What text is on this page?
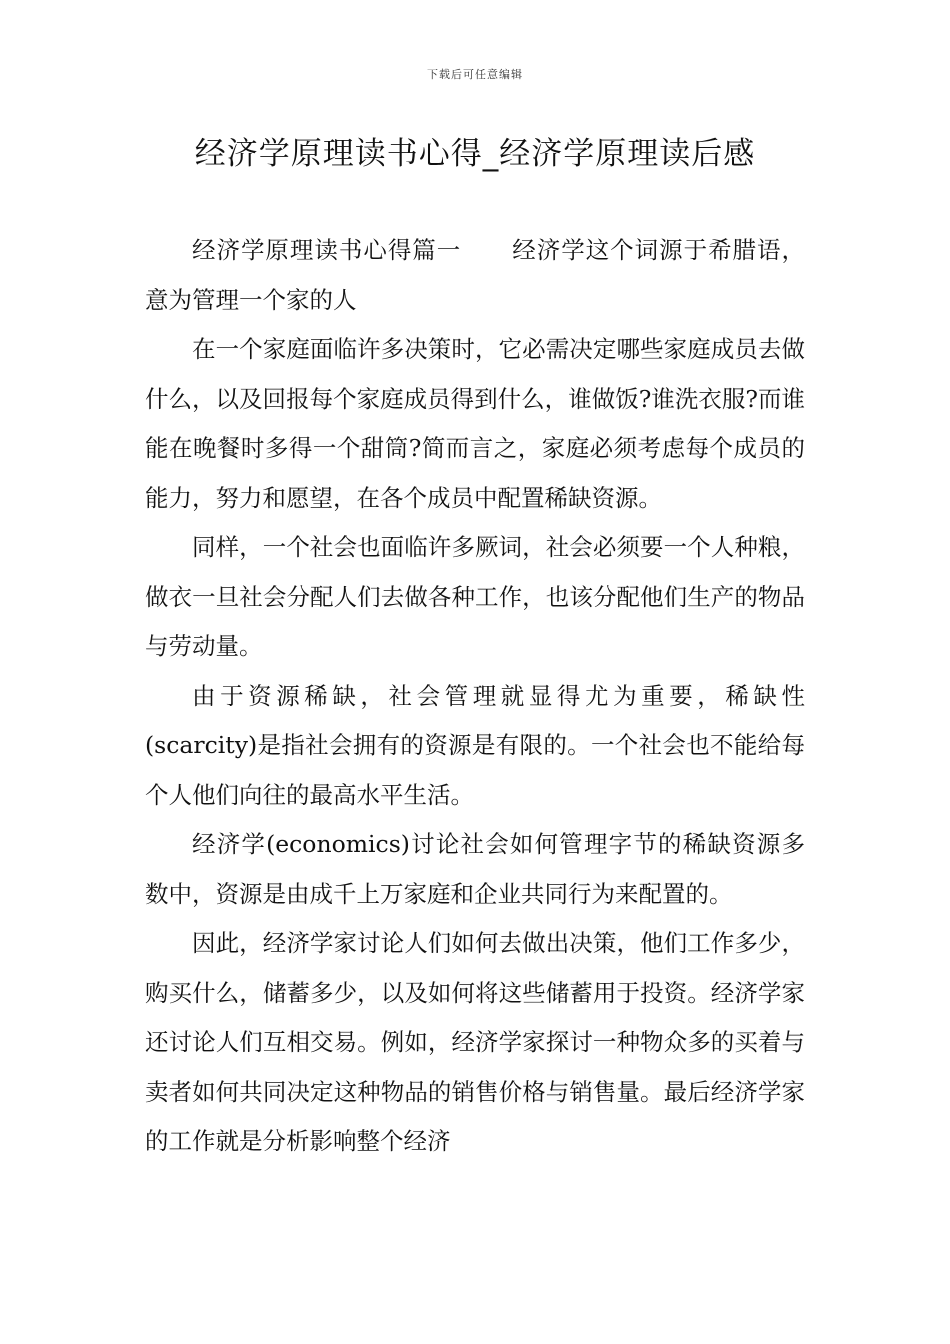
下载后可任意编辑
经济学原理读书心得_经济学原理读后感

经济学原理读书心得篇一 经济学这个词源于希腊语，意为管理一个家的人

在一个家庭面临许多决策时，它必需决定哪些家庭成员去做什么，以及回报每个家庭成员得到什么，谁做饭?谁洗衣服?而谁能在晚餐时多得一个甜筒?简而言之，家庭必须考虑每个成员的能力，努力和愿望，在各个成员中配置稀缺资源。

同样，一个社会也面临许多厥词，社会必须要一个人种粮，做衣一旦社会分配人们去做各种工作，也该分配他们生产的物品与劳动量。

由于资源稀缺，社会管理就显得尤为重要，稀缺性(scarcity)是指社会拥有的资源是有限的。一个社会也不能给每个人他们向往的最高水平生活。

经济学(economics)讨论社会如何管理字节的稀缺资源多数中，资源是由成千上万家庭和企业共同行为来配置的。

因此，经济学家讨论人们如何去做出决策，他们工作多少，购买什么，储蓄多少，以及如何将这些储蓄用于投资。经济学家还讨论人们互相交易。例如，经济学家探讨一种物众多的买着与卖者如何共同决定这种物品的销售价格与销售量。最后经济学家的工作就是分析影响整个经济
